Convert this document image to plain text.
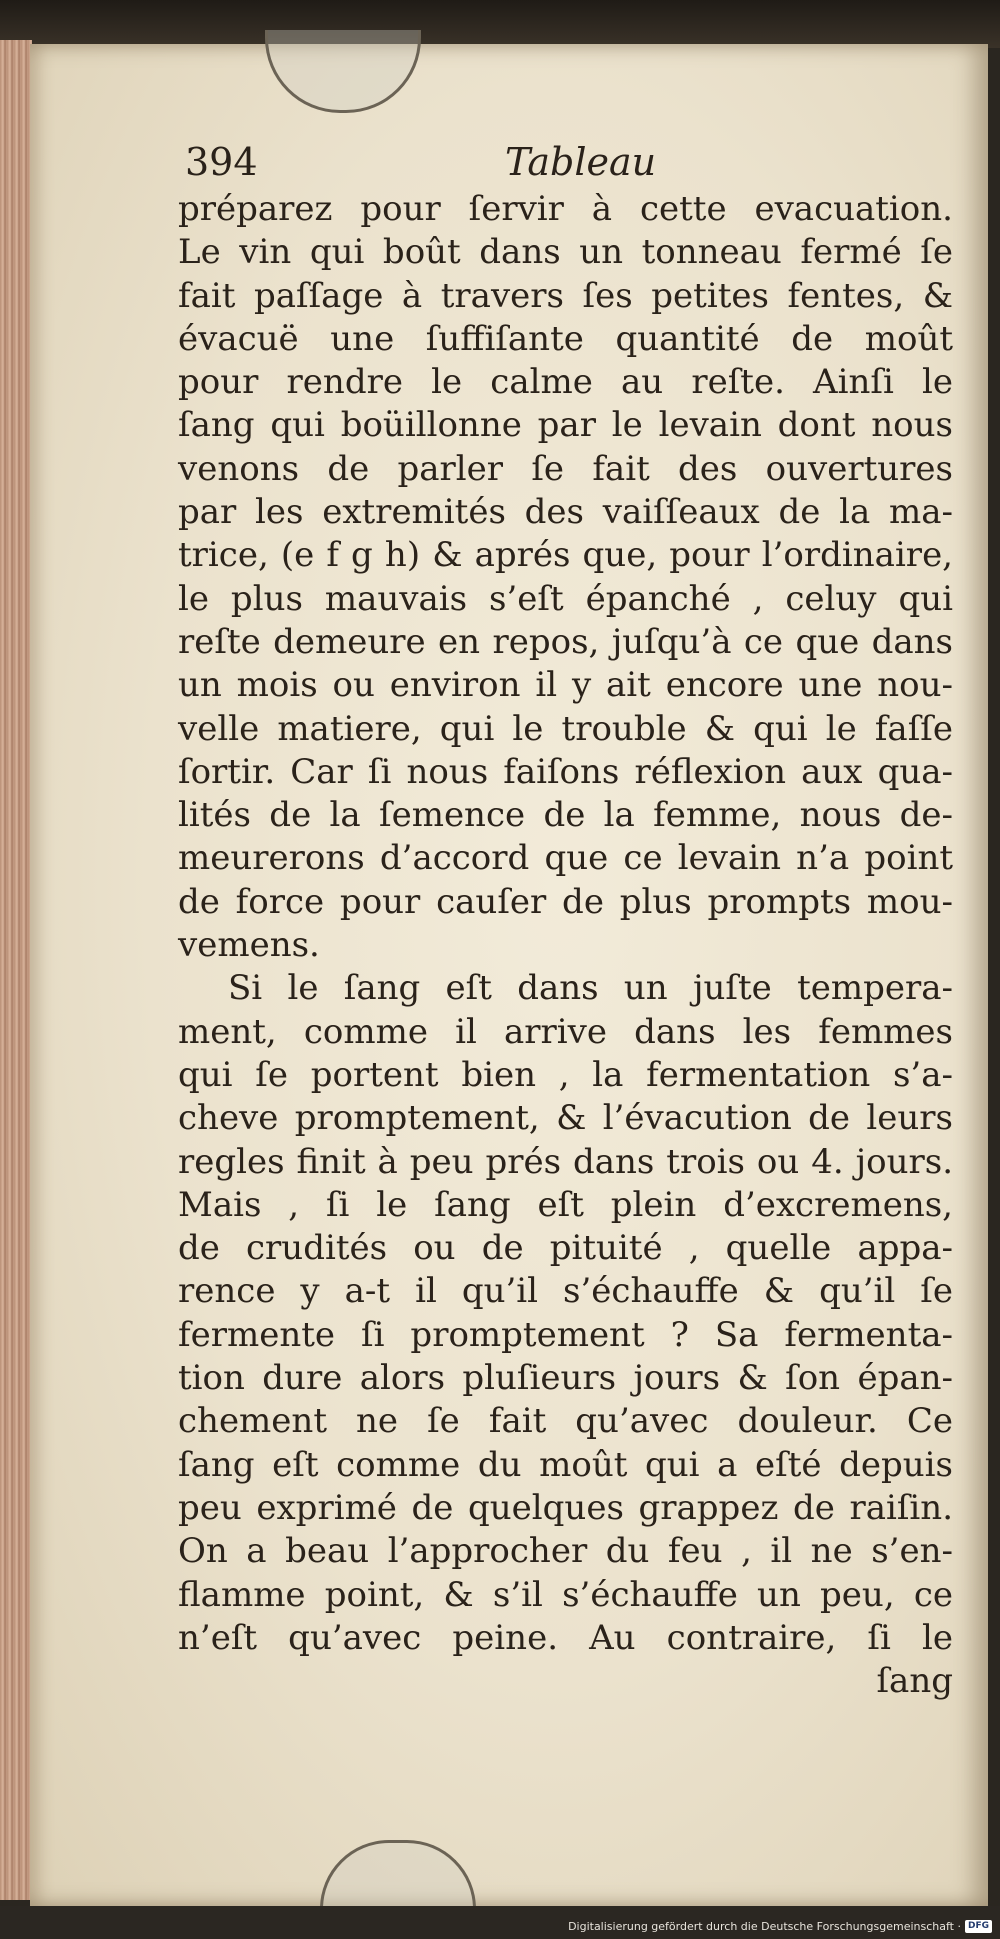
394	Tableau
préparez pour ſervir à cette evacuation.
Le vin qui boût dans un tonneau fermé ſe
fait paſſage à travers ſes petites fentes, &
évacuë une ſuffiſante quantité de moût
pour rendre le calme au reſte. Ainſi le
ſang qui boüillonne par le levain dont nous
venons de parler ſe fait des ouvertures
par les extremités des vaiſſeaux de la ma-
trice, (e f g h) & aprés que, pour l’ordinaire,
le plus mauvais s’eſt épanché , celuy qui
reſte demeure en repos, juſqu’à ce que dans
un mois ou environ il y ait encore une nou-
velle matiere, qui le trouble & qui le faſſe
ſortir. Car ſi nous faiſons réflexion aux qua-
lités de la ſemence de la femme, nous de-
meurerons d’accord que ce levain n’a point
de force pour cauſer de plus prompts mou-
vemens.
Si le ſang eſt dans un juſte tempera-
ment, comme il arrive dans les femmes
qui ſe portent bien , la fermentation s’a-
cheve promptement, & l’évacution de leurs
regles finit à peu prés dans trois ou 4. jours.
Mais , ſi le ſang eſt plein d’excremens,
de crudités ou de pituité , quelle appa-
rence y a-t il qu’il s’échauffe & qu’il ſe
fermente ſi promptement ? Sa fermenta-
tion dure alors pluſieurs jours & ſon épan-
chement ne ſe fait qu’avec douleur. Ce
ſang eſt comme du moût qui a eſté depuis
peu exprimé de quelques grappez de raiſin.
On a beau l’approcher du feu , il ne s’en-
flamme point, & s’il s’échauffe un peu, ce
n’eſt qu’avec peine. Au contraire, ſi le
ſang
Digitalisierung gefördert durch die Deutsche Forschungsgemeinschaft · DFG
